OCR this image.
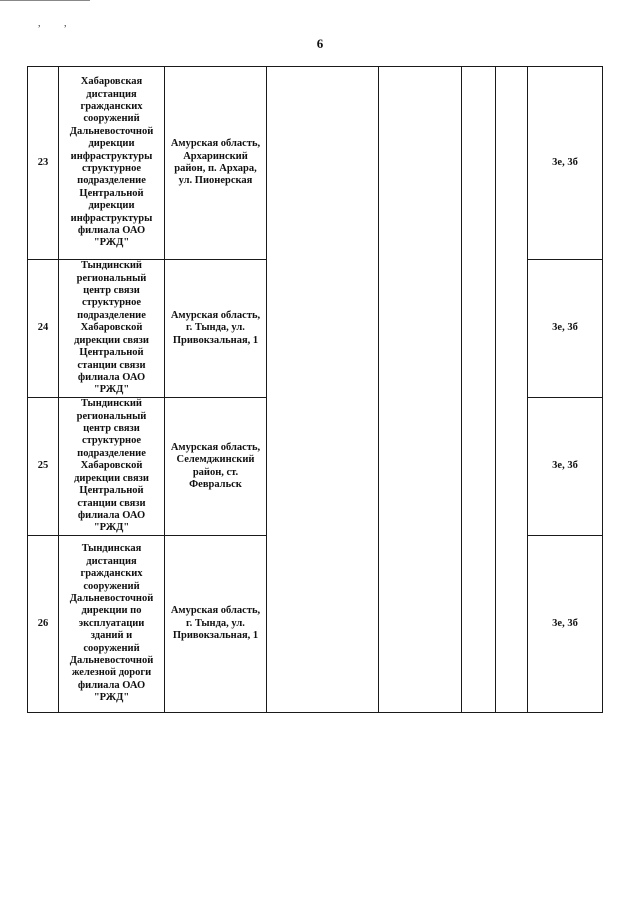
, ,
6
23	Хабаровская дистанция гражданских сооружений Дальневосточной дирекции инфраструктуры структурное подразделение Центральной дирекции инфраструктуры филиала ОАО "РЖД"	Амурская область, Архаринский район, п. Архара, ул. Пионерская					3е, 3б
24	Тындинский региональный центр связи структурное подразделение Хабаровской дирекции связи Центральной станции связи филиала ОАО "РЖД"	Амурская область, г. Тында, ул. Привокзальная, 1					3е, 3б
25	Тындинский региональный центр связи структурное подразделение Хабаровской дирекции связи Центральной станции связи филиала ОАО "РЖД"	Амурская область, Селемджинский район, ст. Февральск					3е, 3б
26	Тындинская дистанция гражданских сооружений Дальневосточной дирекции по эксплуатации зданий и сооружений Дальневосточной железной дороги филиала ОАО "РЖД"	Амурская область, г. Тында, ул. Привокзальная, 1					3е, 3б
